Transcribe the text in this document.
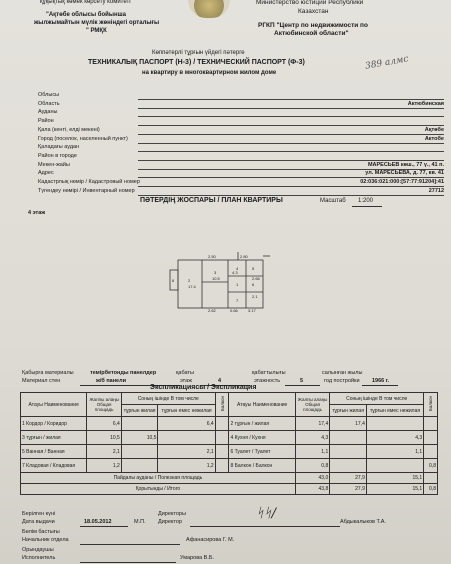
құқықтық көмек көрсету комитеті
"Ақтөбе облысы бойынша
жылжымайтын мүлік жөніндегі орталығы
" РМҚК
Министерство юстиции Республики
Казахстан
РГКП "Центр по недвижимости по
Актюбинской области"
Көппәтерлі тұрғын үйдегі пәтерге
ТЕХНИКАЛЫҚ ПАСПОРТ (Н-3) / ТЕХНИЧЕСКИЙ ПАСПОРТ (Ф-3)
на квартиру в многоквартирном жилом доме
389 алмс
Облысы
Область	Актюбинская
Ауданы
Район
Қала (кенті, елді мекені)	Ақтөбе
Город (поселок, населенный пункт)	Актобе
Қаладағы аудан
Район в городе
Мекен-жайы	МАРЕСЬЕВ көш., 77 ү., 41 п.
Адрес	ул. МАРЕСЬЕВА, д. 77, кв. 41
Кадастрлық нөмір / Кадастровый номер	02:036:021:000:[57:77:91204]:41
Түгендеу нөмірі / Инвентарный номер	27712
ПӘТЕРДІҢ ЖОСПАРЫ / ПЛАН КВАРТИРЫ	Масштаб 1:200
4 этаж
2
3
4	5
1	6
7
8
17.4
10.5
4.3
2.50	2.80
2.66
3.17
2.62	0.66
2.1
Қабырға материалы	темірбетонды панелдер	қабаты	қабаттылығы	салынған жылы
Материал стен	ж/б панели	этаж	4	этажность	5	год постройки 1966 г.
Экспликациясы / Экспликация
Атауы Наименование	Жалпы алаңы Общая площадь	Соның ішінде В том числе		Балкон	Атауы Наименование	Жалпы алаңы Общая площадь	Соның ішінде В том числе		Балкон
		тұрғын жилая	тұрғын емес нежилая				тұрғын жилая	тұрғын емес нежилая	
1 Кордор / Коридор	6,4		6,4		2 тұрғын / жилая	17,4	17,4		
3 тұрғын / жилая	10,5	10,5			4 Кухня / Кухня	4,3		4,3	
5 Ванная / Ванная	2,1		2,1		6 Туалет / Туалет	1,1		1,1	
7 Кладовая / Кладовая	1,2		1,2		8 Балкон / Балкон	0,8			0,8
Пайдалы ауданы / Полезная площадь						43,0	27,9	15,1	
Қорытынды / Итого						43,8	27,9	15,1	0,8
Берілген күні
Дата выдачи	18.05.2012	М.П.
Директоры
Директор	Абдыкалыков Т.А.
ᛋᛋ/
Бөлім бастығы
Начальник отдела	Афанасирова Г. М.
Орындаушы
Исполнитель	Умарова В.Б.
